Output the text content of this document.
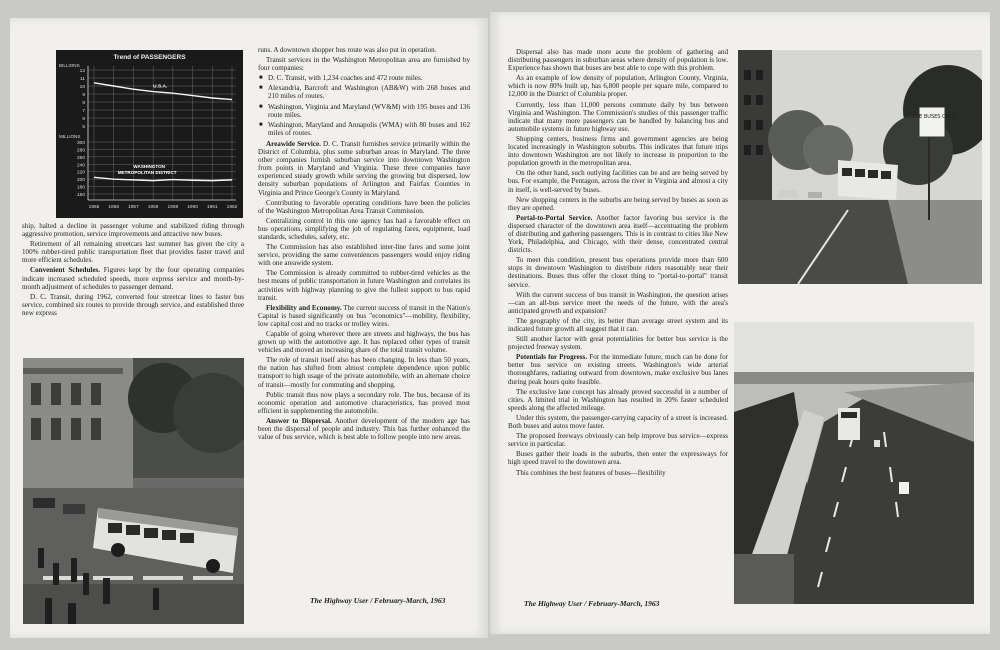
Trend of PASSENGERS
12
11
10
9
8
7
6
5
300
280
260
240
220
200
180
160
BILLIONS
MILLIONS
1955 1956 1957 1958 1959 1960 1961 1962
U.S.A.
WASHINGTON
METROPOLITAN DISTRICT

ship, halted a decline in passenger volume and stabilized riding through aggressive promotion, service improvements and attractive new buses.

Retirement of all remaining streetcars last summer has given the city a 100% rubber-tired public transportation fleet that provides faster travel and more efficient schedules.

Convenient Schedules. Figures kept by the four operating companies indicate increased scheduled speeds, more express service and month-by-month adjustment of schedules to passenger demand.

D. C. Transit, during 1962, converted four streetcar lines to faster bus service, combined six routes to provide through service, and established three new express

runs. A downtown shopper bus route was also put in operation.

Transit services in the Washington Metropolitan area are furnished by four companies:

■ D. C. Transit, with 1,234 coaches and 472 route miles.
■ Alexandria, Barcroft and Washington (AB&W) with 268 buses and 210 miles of routes.
■ Washington, Virginia and Maryland (WV&M) with 195 buses and 136 route miles.
■ Washington, Maryland and Annapolis (WMA) with 80 buses and 162 miles of routes.

Areawide Service. D. C. Transit furnishes service primarily within the District of Columbia, plus some suburban areas in Maryland. The three other companies furnish suburban service into downtown Washington from points in Maryland and Virginia. These three companies have experienced steady growth while serving the growing but dispersed, low density suburban populations of Arlington and Fairfax Counties in Virginia and Prince George's County in Maryland.

Contributing to favorable operating conditions have been the policies of the Washington Metropolitan Area Transit Commission.

Centralizing control in this one agency has had a favorable effect on bus operations, simplifying the job of regulating fares, equipment, load standards, schedules, safety, etc.

The Commission has also established inter-line fares and some joint service, providing the same conveniences passengers would enjoy riding with one areawide system.

The Commission is already committed to rubber-tired vehicles as the best means of public transportation in future Washington and correlates its activities with highway planning to give the fullest support to bus rapid transit.

Flexibility and Economy. The current success of transit in the Nation's Capital is based significantly on bus "economics"—mobility, flexibility, low capital cost and no tracks or trolley wires.

Capable of going wherever there are streets and highways, the bus has grown up with the automotive age. It has replaced other types of transit vehicles and moved an increasing share of the total transit volume.

The role of transit itself also has been changing. In less than 50 years, the nation has shifted from almost complete dependence upon public transport to high usage of the private automobile, with an alternate choice of transit—mostly for commuting and shopping.

Public transit thus now plays a secondary role. The bus, because of its economic operation and automotive characteristics, has proved most efficient in supplementing the automobile.

Answer to Dispersal. Another development of the modern age has been the dispersal of people and industry. This has further enhanced the value of bus service, which is best able to follow people into new areas.

The Highway User / February-March, 1963

Dispersal also has made more acute the problem of gathering and distributing passengers in suburban areas where density of population is low. Experience has shown that buses are best able to cope with this problem.

As an example of low density of population, Arlington County, Virginia, which is now 80% built up, has 6,800 people per square mile, compared to 12,000 in the District of Columbia proper.

Currently, less than 11,000 persons commute daily by bus between Virginia and Washington. The Commission's studies of this passenger traffic indicate that many more passengers can be handled by balancing bus and automobile systems in future highway use.

Shopping centers, business firms and government agencies are being located increasingly in Washington suburbs. This indicates that future trips into downtown Washington are not likely to increase in proportion to the population growth in the metropolitan area.

On the other hand, such outlying facilities can be and are being served by bus. For example, the Pentagon, across the river in Virginia and almost a city in itself, is well-served by buses.

New shopping centers in the suburbs are being served by buses as soon as they are opened.

Portal-to-Portal Service. Another factor favoring bus service is the dispersed character of the downtown area itself—accentuating the problem of distributing and gathering passengers. This is in contrast to cities like New York, Philadelphia, and Chicago, with their dense, concentrated central districts.

To meet this condition, present bus operations provide more than 600 stops in downtown Washington to distribute riders reasonably near their destinations. Buses thus offer the closet thing to "portal-to-portal" transit service.

With the current success of bus transit in Washington, the question arises—can an all-bus service meet the needs of the future, with the area's anticipated growth and expansion?

The geography of the city, its better than average street system and its indicated future growth all suggest that it can.

Still another factor with great potentialities for better bus service is the projected freeway system.

Potentials for Progress. For the immediate future, much can be done for better bus service on existing streets. Washington's wide arterial thoroughfares, radiating outward from downtown, make exclusive bus lanes during peak hours quite feasible.

The exclusive lane concept has already proved successful in a number of cities. A limited trial in Washington has resulted in 20% faster scheduled speeds along the affected mileage.

Under this system, the passenger-carrying capacity of a street is increased. Both buses and autos move faster.

The proposed freeways obviously can help improve bus service—express service in particular.

Buses gather their loads in the suburbs, then enter the expressways for high speed travel to the downtown area.

This combines the best features of buses—flexibility

LANE BUSES ONLY
The Highway User / February-March, 1963
